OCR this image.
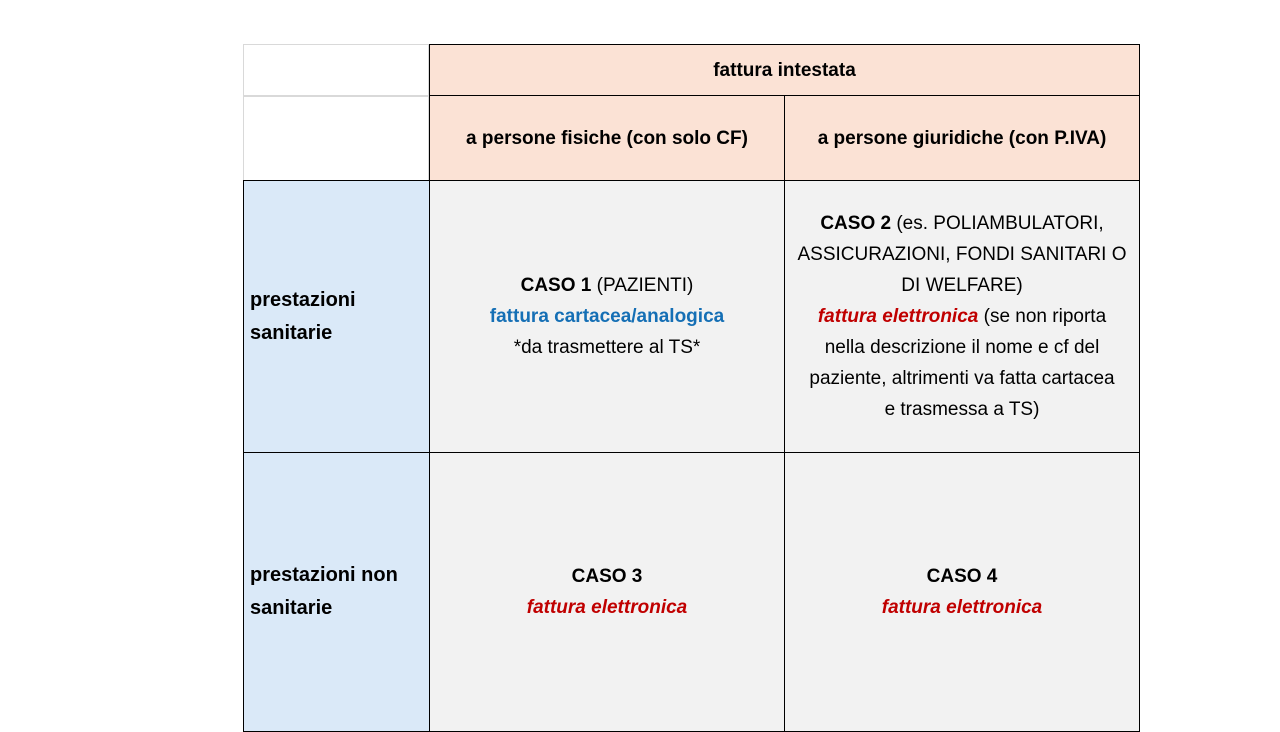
fattura intestata
a persone fisiche (con solo CF)	a persone giuridiche (con P.IVA)
prestazioni
sanitarie
prestazioni non
sanitarie
CASO 1 (PAZIENTI)
fattura cartacea/analogica
*da trasmettere al TS*
CASO 2 (es. POLIAMBULATORI,
ASSICURAZIONI, FONDI SANITARI O
DI WELFARE)
fattura elettronica (se non riporta
nella descrizione il nome e cf del
paziente, altrimenti va fatta cartacea
e trasmessa a TS)
CASO 3
fattura elettronica
CASO 4
fattura elettronica
